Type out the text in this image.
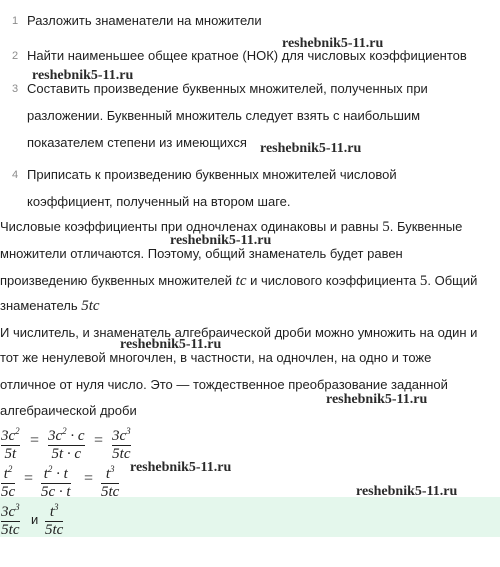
1 Разложить знаменатели на множители
2 Найти наименьшее общее кратное (НОК) для числовых коэффициентов
3 Составить произведение буквенных множителей, полученных при
разложении. Буквенный множитель следует взять с наибольшим
показателем степени из имеющихся
4 Приписать к произведению буквенных множителей числовой
коэффициент, полученный на втором шаге.
Числовые коэффициенты при одночленах одинаковы и равны 5. Буквенные
множители отличаются. Поэтому, общий знаменатель будет равен
произведению буквенных множителей tc и числового коэффициента 5. Общий
знаменатель 5tc
И числитель, и знаменатель алгебраической дроби можно умножить на один и
тот же ненулевой многочлен, в частности, на одночлен, на одно и тоже
отличное от нуля число. Это — тождественное преобразование заданной
алгебраической дроби
$3c^2$
5t
= $3c^2 \cdot c$
5t · c
= $3c^3$
5tc
$t^2$
5c
= $t^2 \cdot t$
5c · t
= $t^3$
5tc
$3c^3$
5tc
и $t^3$
5tc
reshebnik5-11.ru
reshebnik5-11.ru
reshebnik5-11.ru
reshebnik5-11.ru
reshebnik5-11.ru
reshebnik5-11.ru
reshebnik5-11.ru
reshebnik5-11.ru
